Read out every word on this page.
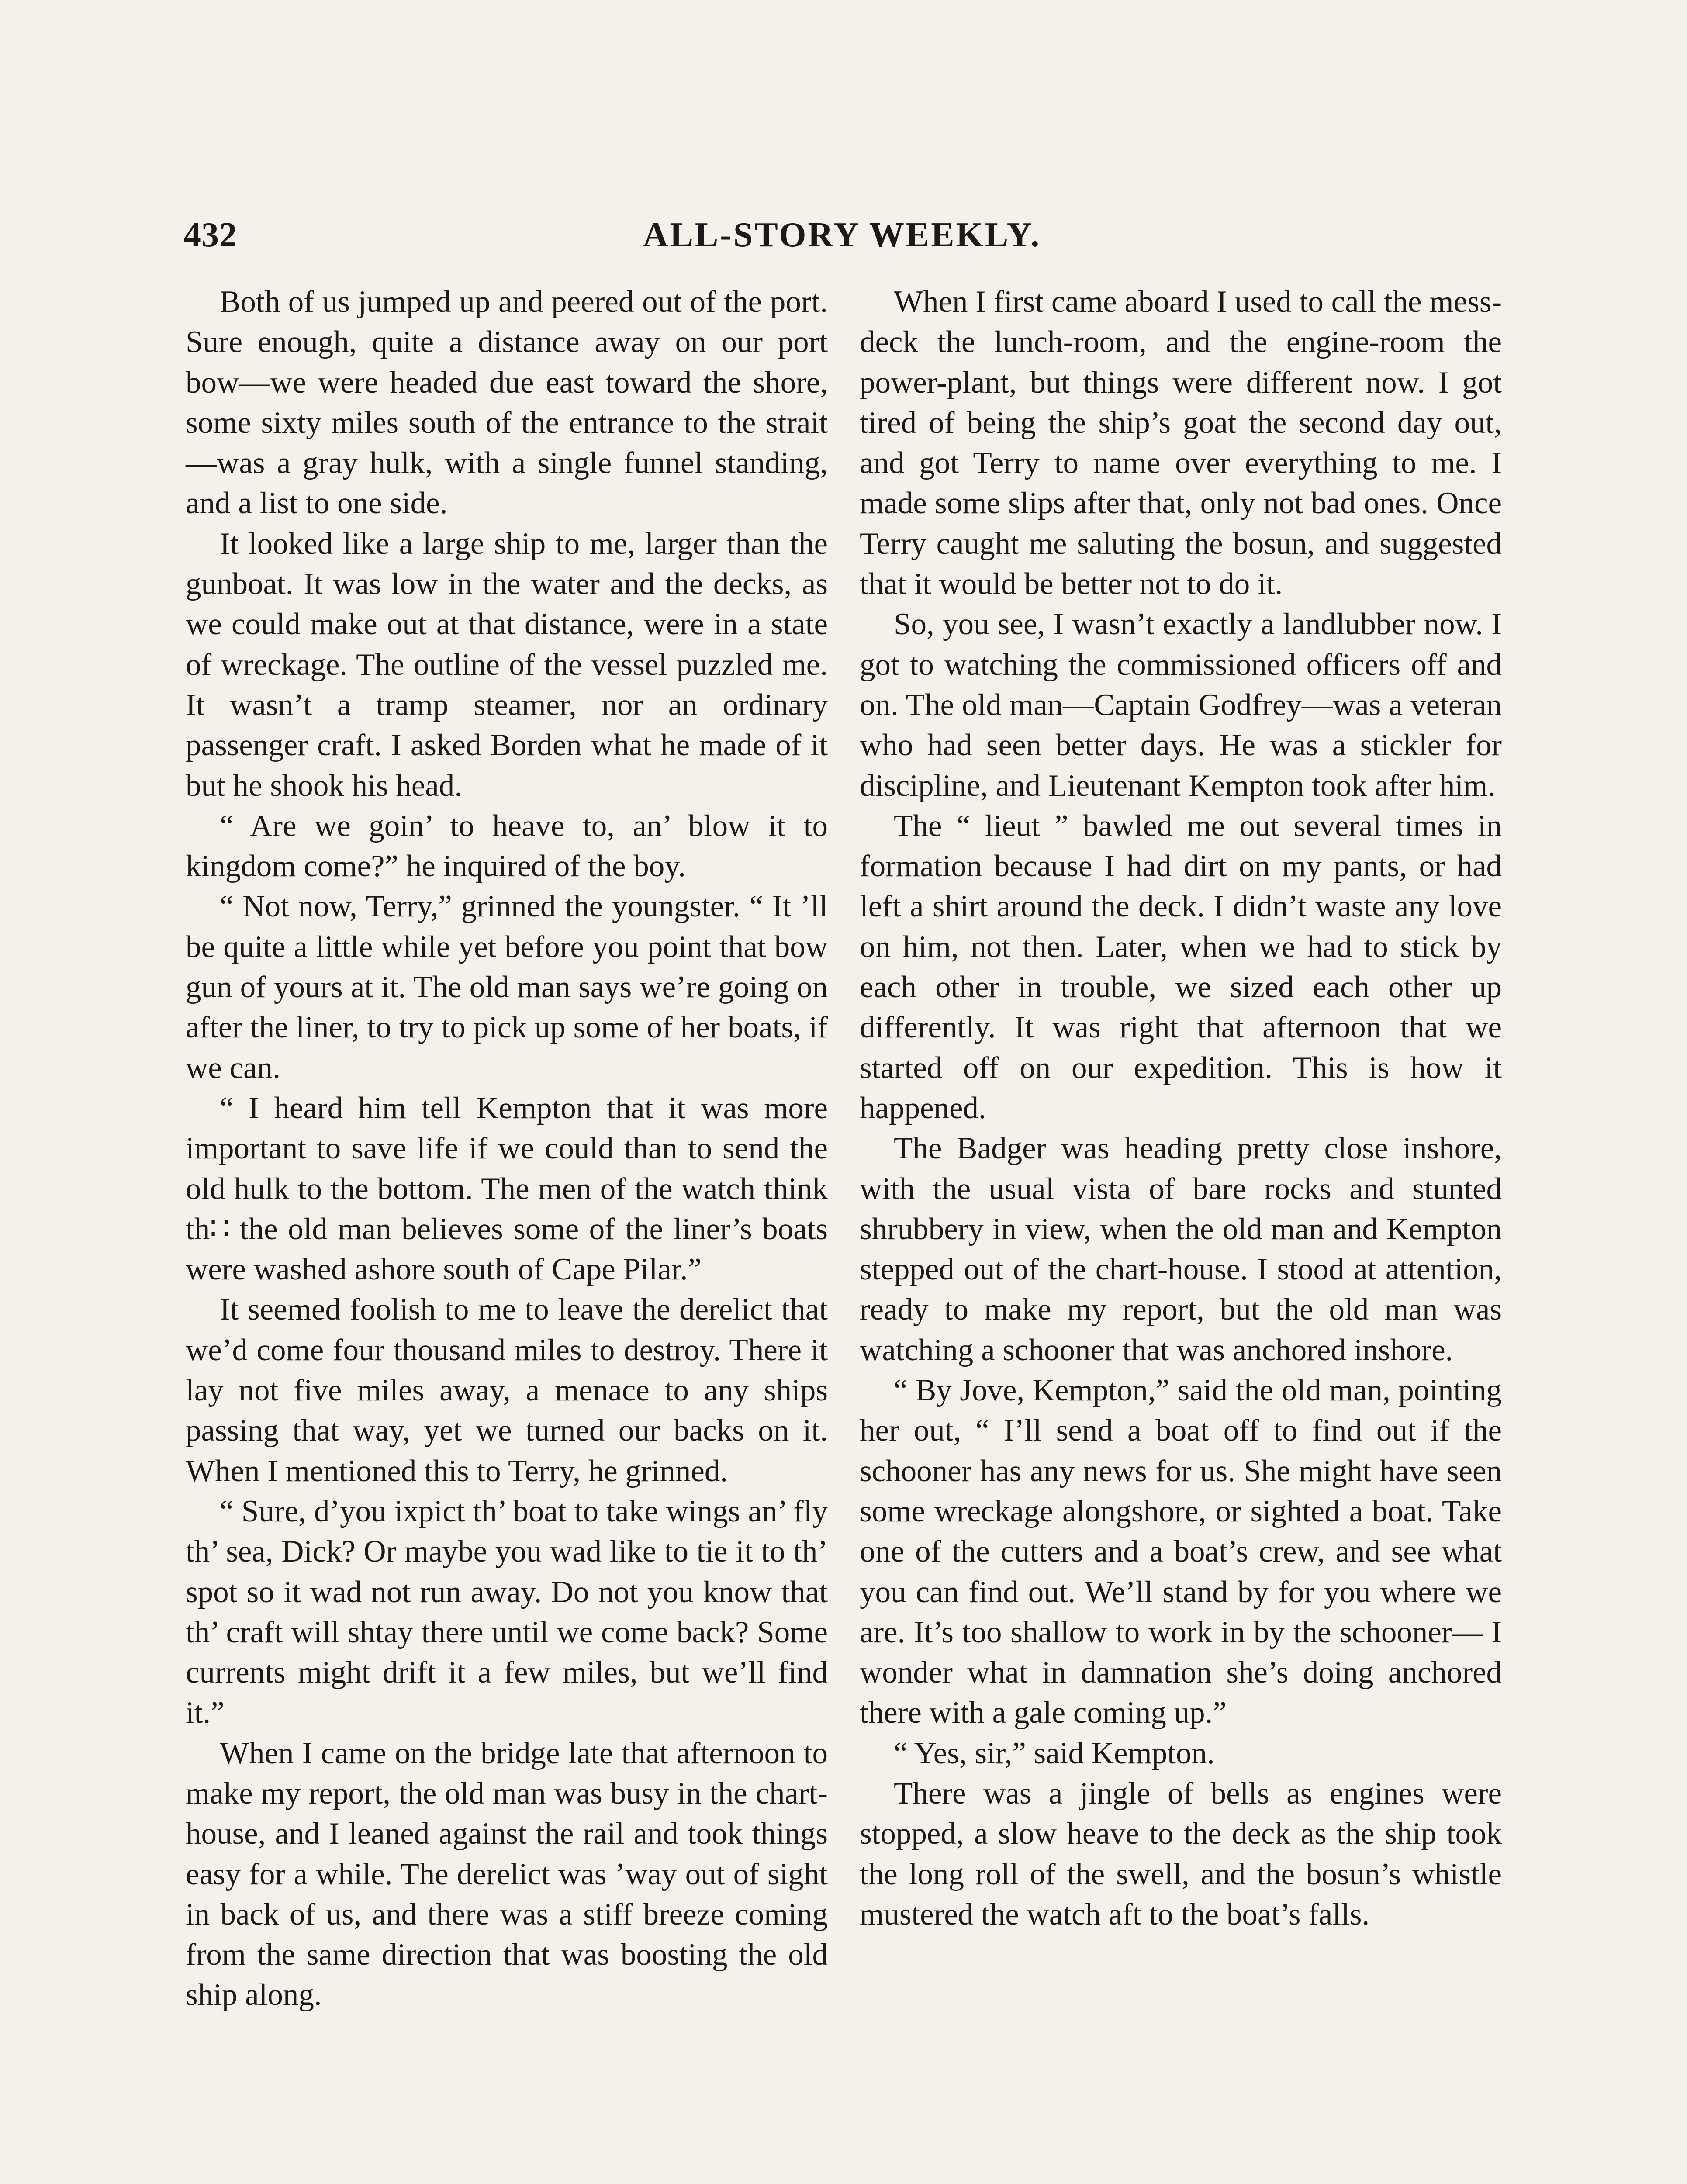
432	ALL-STORY WEEKLY.

Both of us jumped up and peered out of the port. Sure enough, quite a distance away on our port bow—we were headed due east toward the shore, some sixty miles south of the entrance to the strait—was a gray hulk, with a single funnel standing, and a list to one side.

It looked like a large ship to me, larger than the gunboat. It was low in the water and the decks, as we could make out at that distance, were in a state of wreckage. The outline of the vessel puzzled me. It wasn’t a tramp steamer, nor an ordinary passenger craft. I asked Borden what he made of it but he shook his head.

“ Are we goin’ to heave to, an’ blow it to kingdom come?” he inquired of the boy.

“ Not now, Terry,” grinned the youngster. “ It ’ll be quite a little while yet before you point that bow gun of yours at it. The old man says we’re going on after the liner, to try to pick up some of her boats, if we can.

“ I heard him tell Kempton that it was more important to save life if we could than to send the old hulk to the bottom. The men of the watch think th∷ the old man believes some of the liner’s boats were washed ashore south of Cape Pilar.”

It seemed foolish to me to leave the derelict that we’d come four thousand miles to destroy. There it lay not five miles away, a menace to any ships passing that way, yet we turned our backs on it. When I mentioned this to Terry, he grinned.

“ Sure, d’you ixpict th’ boat to take wings an’ fly th’ sea, Dick? Or maybe you wad like to tie it to th’ spot so it wad not run away. Do not you know that th’ craft will shtay there until we come back? Some currents might drift it a few miles, but we’ll find it.”

When I came on the bridge late that afternoon to make my report, the old man was busy in the chart-house, and I leaned against the rail and took things easy for a while. The derelict was ’way out of sight in back of us, and there was a stiff breeze coming from the same direction that was boosting the old ship along.

When I first came aboard I used to call the mess-deck the lunch-room, and the engine-room the power-plant, but things were different now. I got tired of being the ship’s goat the second day out, and got Terry to name over everything to me. I made some slips after that, only not bad ones. Once Terry caught me saluting the bosun, and suggested that it would be better not to do it.

So, you see, I wasn’t exactly a landlubber now. I got to watching the commissioned officers off and on. The old man—Captain Godfrey—was a veteran who had seen better days. He was a stickler for discipline, and Lieutenant Kempton took after him.

The “ lieut ” bawled me out several times in formation because I had dirt on my pants, or had left a shirt around the deck. I didn’t waste any love on him, not then. Later, when we had to stick by each other in trouble, we sized each other up differently. It was right that afternoon that we started off on our expedition. This is how it happened.

The Badger was heading pretty close inshore, with the usual vista of bare rocks and stunted shrubbery in view, when the old man and Kempton stepped out of the chart-house. I stood at attention, ready to make my report, but the old man was watching a schooner that was anchored inshore.

“ By Jove, Kempton,” said the old man, pointing her out, “ I’ll send a boat off to find out if the schooner has any news for us. She might have seen some wreckage alongshore, or sighted a boat. Take one of the cutters and a boat’s crew, and see what you can find out. We’ll stand by for you where we are. It’s too shallow to work in by the schooner— I wonder what in damnation she’s doing anchored there with a gale coming up.”

“ Yes, sir,” said Kempton.

There was a jingle of bells as engines were stopped, a slow heave to the deck as the ship took the long roll of the swell, and the bosun’s whistle mustered the watch aft to the boat’s falls.
